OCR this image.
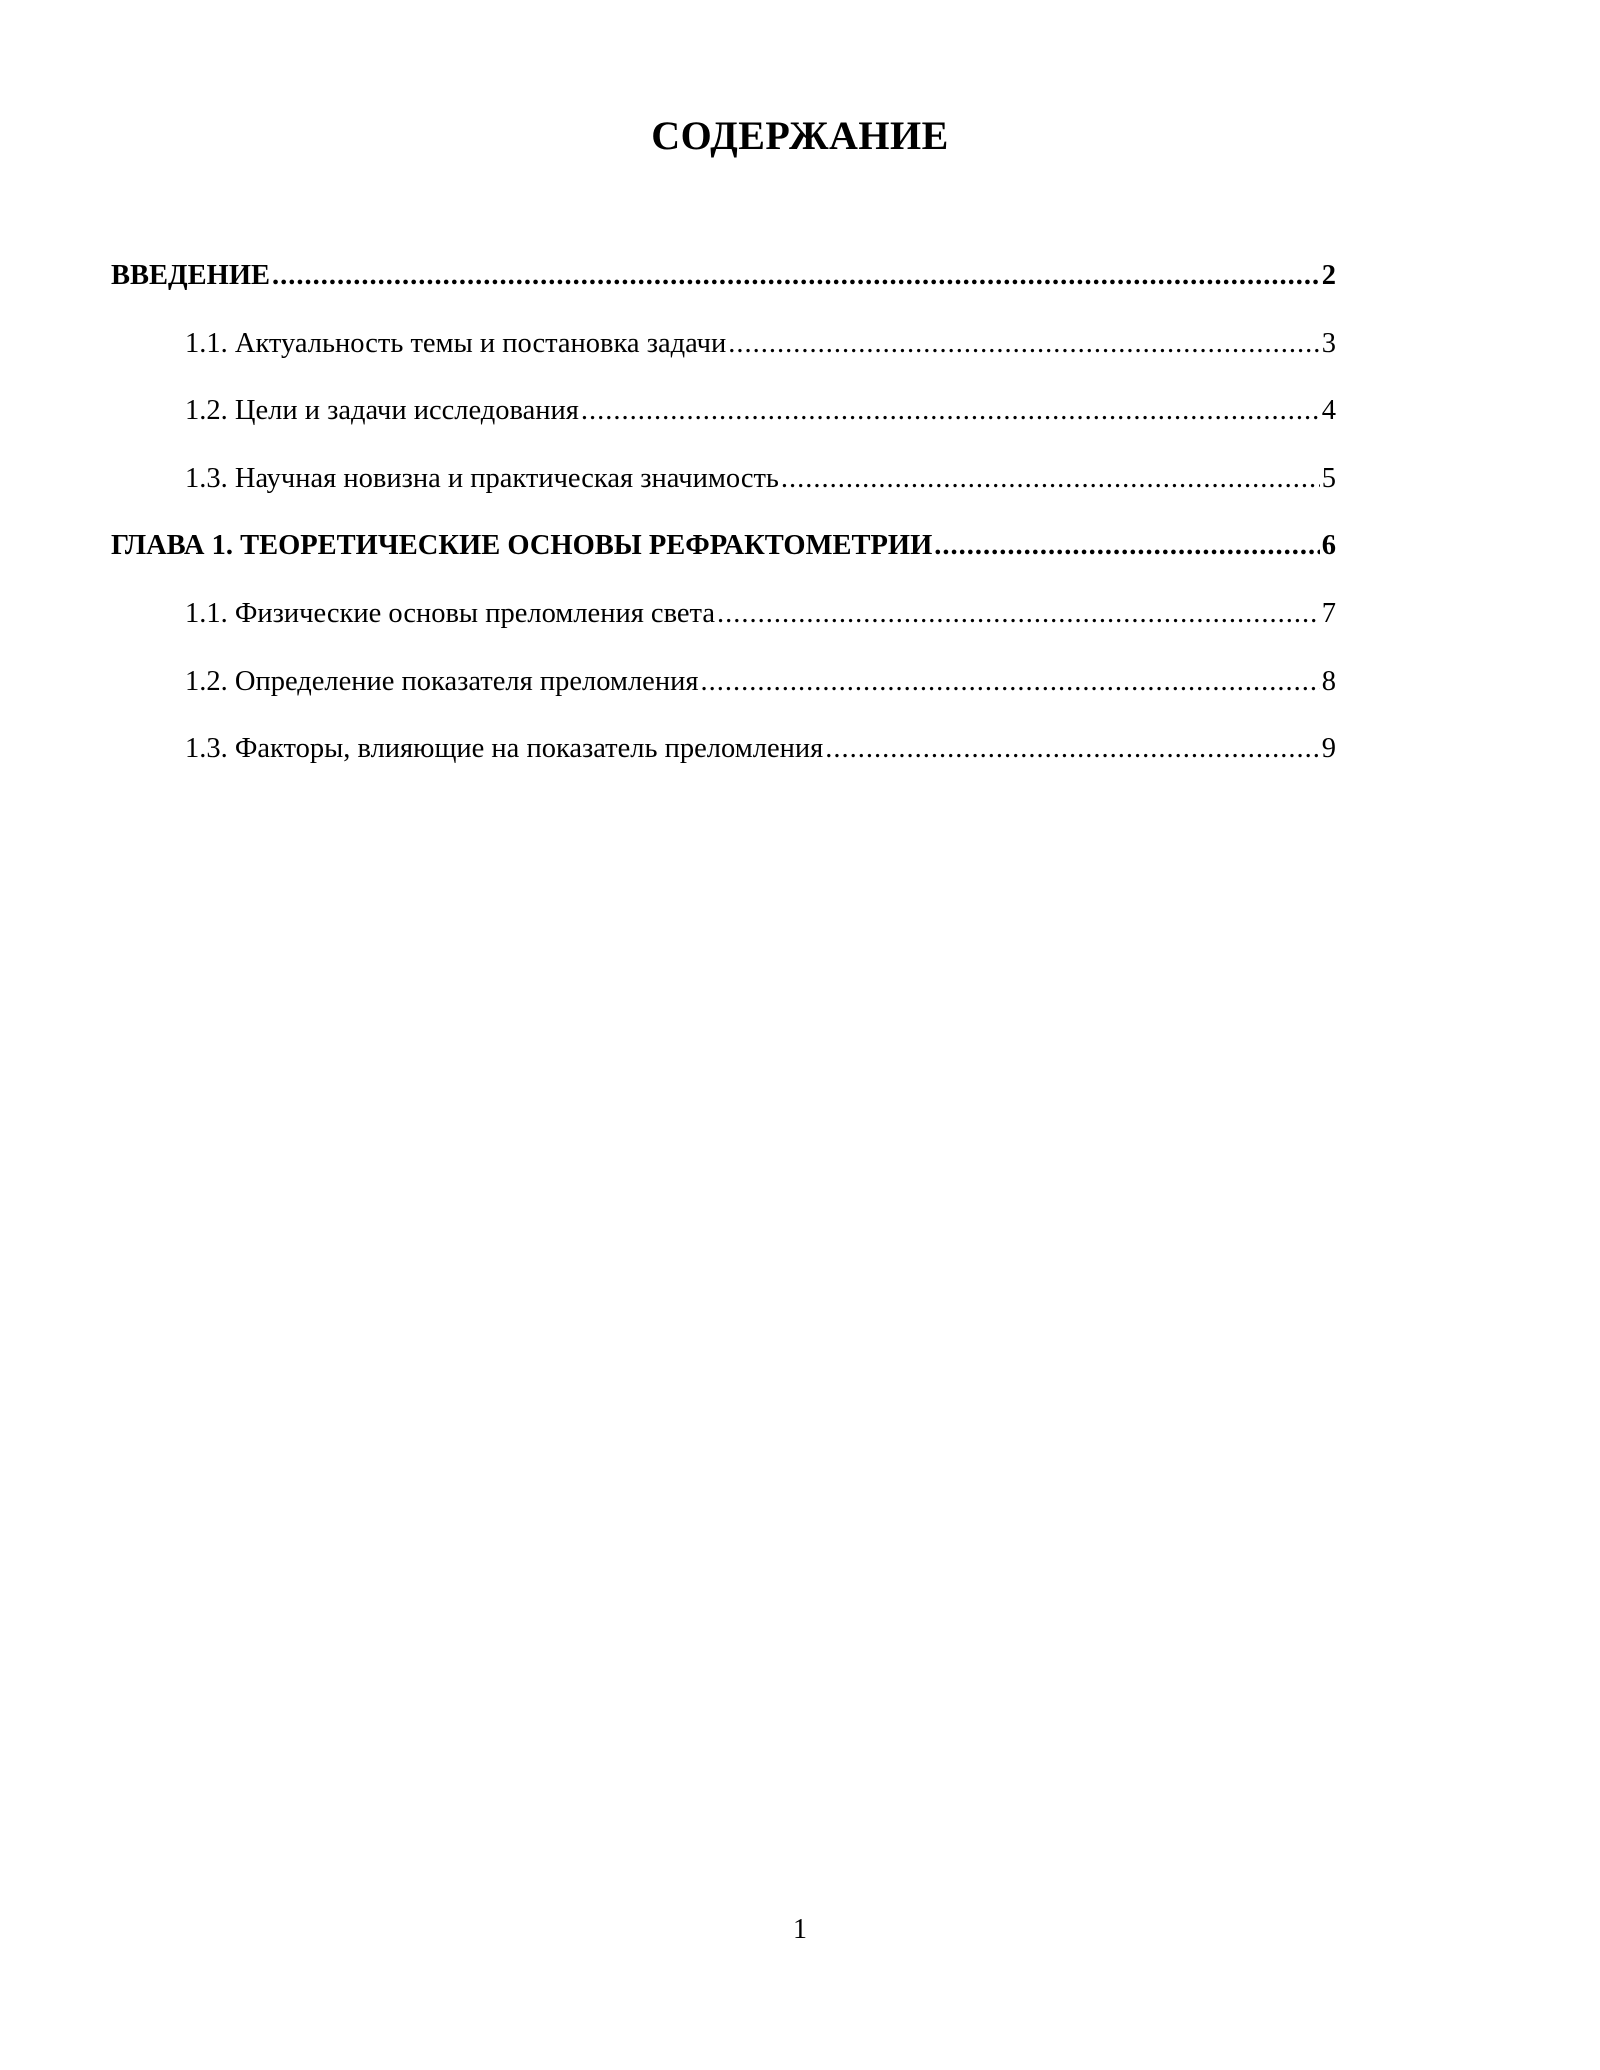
СОДЕРЖАНИЕ
ВВЕДЕНИЕ .....	2
1.1. Актуальность темы и постановка задачи .....	3
1.2. Цели и задачи исследования .....	4
1.3. Научная новизна и практическая значимость .....	5
ГЛАВА 1. ТЕОРЕТИЧЕСКИЕ ОСНОВЫ РЕФРАКТОМЕТРИИ .....	6
1.1. Физические основы преломления света .....	7
1.2. Определение показателя преломления .....	8
1.3. Факторы, влияющие на показатель преломления .....	9
1
